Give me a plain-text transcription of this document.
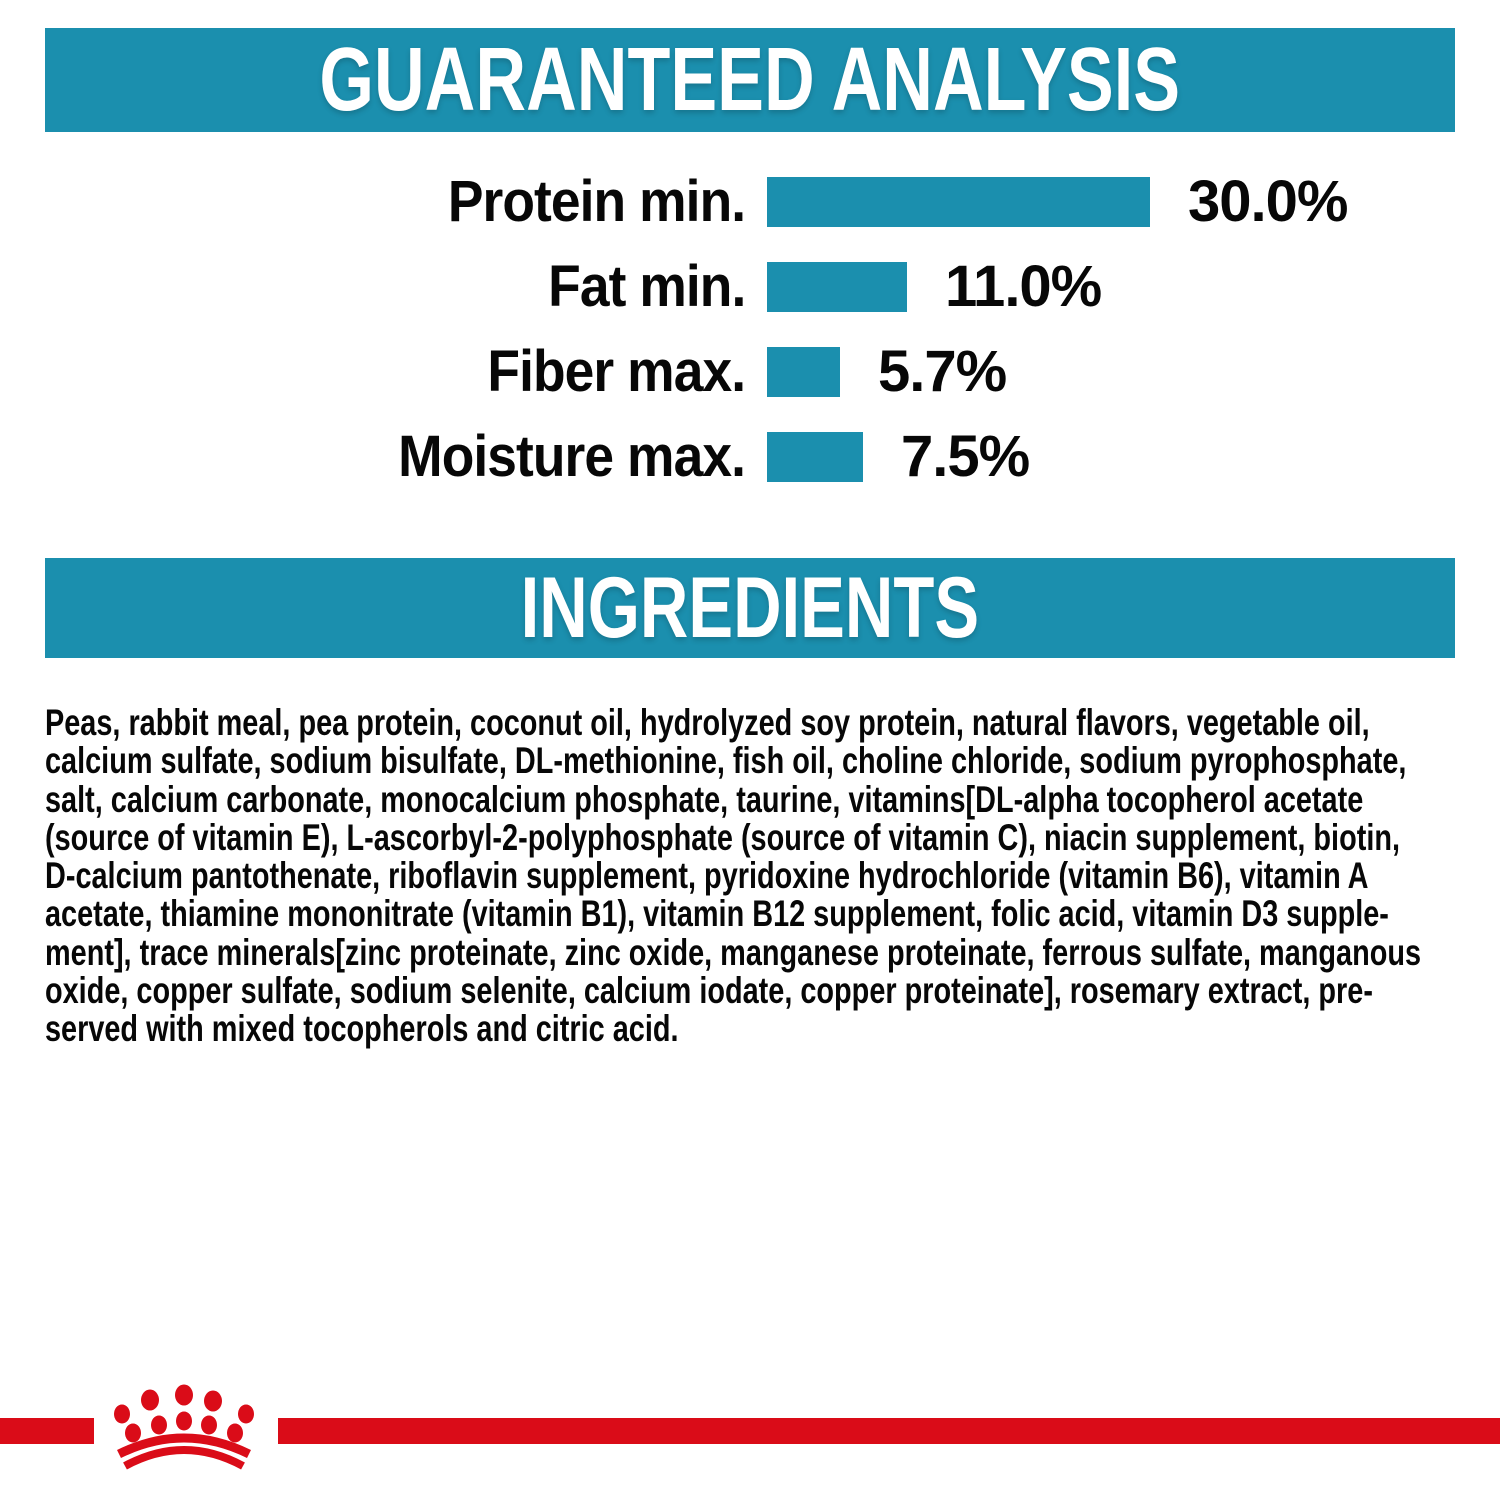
GUARANTEED ANALYSIS
Protein min.	30.0%
Fat min.	11.0%
Fiber max. 5.7%
Moisture max.	7.5%
INGREDIENTS
Peas, rabbit meal, pea protein, coconut oil, hydrolyzed soy protein, natural flavors, vegetable oil,
calcium sulfate, sodium bisulfate, DL-methionine, fish oil, choline chloride, sodium pyrophosphate,
salt, calcium carbonate, monocalcium phosphate, taurine, vitamins[DL-alpha tocopherol acetate
(source of vitamin E), L-ascorbyl-2-polyphosphate (source of vitamin C), niacin supplement, biotin,
D-calcium pantothenate, riboflavin supplement, pyridoxine hydrochloride (vitamin B6), vitamin A
acetate, thiamine mononitrate (vitamin B1), vitamin B12 supplement, folic acid, vitamin D3 supple-
ment], trace minerals[zinc proteinate, zinc oxide, manganese proteinate, ferrous sulfate, manganous
oxide, copper sulfate, sodium selenite, calcium iodate, copper proteinate], rosemary extract, pre-
served with mixed tocopherols and citric acid.
